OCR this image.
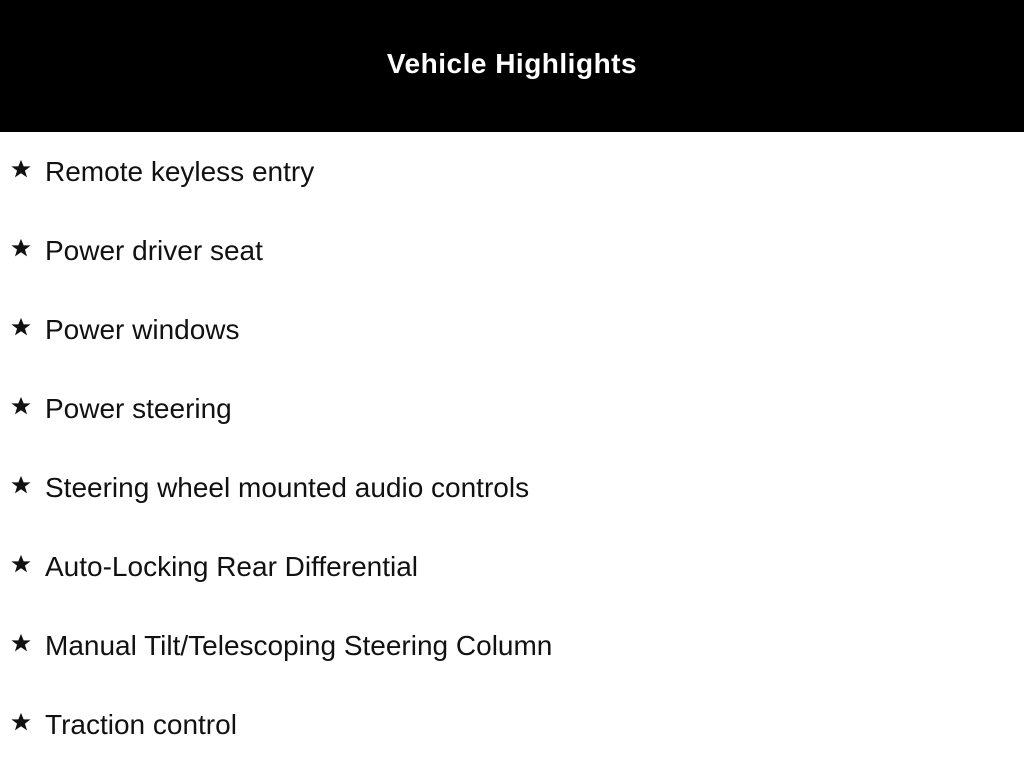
Vehicle Highlights
Remote keyless entry
Power driver seat
Power windows
Power steering
Steering wheel mounted audio controls
Auto-Locking Rear Differential
Manual Tilt/Telescoping Steering Column
Traction control
